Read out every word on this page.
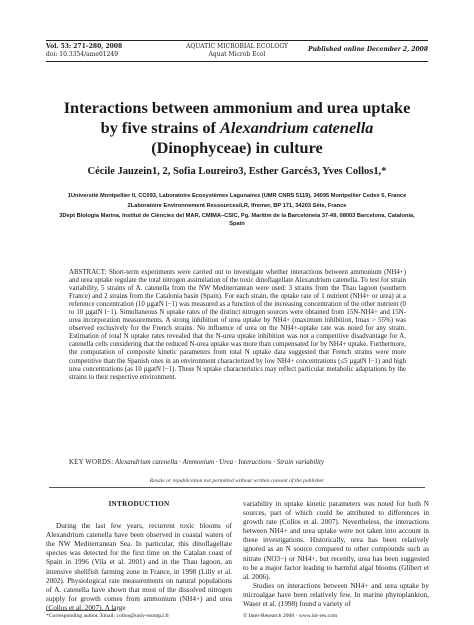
Vol. 53: 271–280, 2008
doi: 10.3354/ame01249
AQUATIC MICROBIAL ECOLOGY
Aquat Microb Ecol
Published online December 2, 2008
Interactions between ammonium and urea uptake
by five strains of Alexandrium catenella
(Dinophyceae) in culture
Cécile Jauzein1, 2, Sofia Loureiro3, Esther Garcés3, Yves Collos1,*

1Université Montpellier II, CC093, Laboratoire Ecosystèmes Lagunaires (UMR CNRS 5119), 34095 Montpellier Cedex 5, France

2Laboratoire Environnement Ressources/LR, Ifremer, BP 171, 34203 Sète, France

3Dept Biologia Marina, Institut de Ciències del MAR, CMIMA–CSIC, Pg. Marítim de la Barceloneta 37-49, 08003 Barcelona, Catalonia, Spain

ABSTRACT: Short-term experiments were carried out to investigate whether interactions between ammonium (NH4+) and urea uptake regulate the total nitrogen assimilation of the toxic dinoflagellate Alexandrium catenella. To test for strain variability, 5 strains of A. catenella from the NW Mediterranean were used: 3 strains from the Thau lagoon (southern France) and 2 strains from the Catalonia basin (Spain). For each strain, the uptake rate of 1 nutrient (NH4+ or urea) at a reference concentration (10 µgatN l−1) was measured as a function of the increasing concentration of the other nutrient (0 to 10 µgatN l−1). Simultaneous N uptake rates of the distinct nitrogen sources were obtained from 15N-NH4+ and 15N-urea incorporation measurements. A strong inhibition of urea uptake by NH4+ (maximum inhibition, Imax > 55%) was observed exclusively for the French strains. No influence of urea on the NH4+-uptake rate was noted for any strain. Estimation of total N uptake rates revealed that the N-urea uptake inhibition was not a competitive disadvantage for A. catenella cells considering that the reduced N-urea uptake was more than compensated for by NH4+ uptake. Furthermore, the computation of composite kinetic parameters from total N uptake data suggested that French strains were more competitive than the Spanish ones in an environment characterized by low NH4+ concentrations (≤5 µgatN l−1) and high urea concentrations (as 10 µgatN l−1). These N uptake characteristics may reflect particular metabolic adaptations by the strains to their respective environment.
KEY WORDS: Alexandrium catenella · Ammonium · Urea · Interactions · Strain variability
Resale or republication not permitted without written consent of the publisher
INTRODUCTION

During the last few years, recurrent toxic blooms of Alexandrium catenella have been observed in coastal waters of the NW Mediterranean Sea. In particular, this dinoflagellate species was detected for the first time on the Catalan coast of Spain in 1996 (Vila et al. 2001) and in the Thau lagoon, an intensive shellfish farming zone in France, in 1998 (Lilly et al. 2002). Physiological rate measurements on natural populations of A. catenella have shown that most of the dissolved nitrogen supply for growth comes from ammonium (NH4+) and urea (Collos et al. 2007). A large

variability in uptake kinetic parameters was noted for both N sources, part of which could be attributed to differences in growth rate (Collos et al. 2007). Nevertheless, the interactions between NH4+ and urea uptake were not taken into account in these investigations. Historically, urea has been relatively ignored as an N source compared to other compounds such as nitrate (NO3−) or NH4+, but recently, urea has been suggested to be a major factor leading to harmful algal blooms (Glibert et al. 2006).

Studies on interactions between NH4+ and urea uptake by microalgae have been relatively few. In marine phytoplankton, Waser et al. (1998) found a variety of

*Corresponding author. Email: collos@univ-montp2.fr	© Inter-Research 2008 · www.int-res.com
